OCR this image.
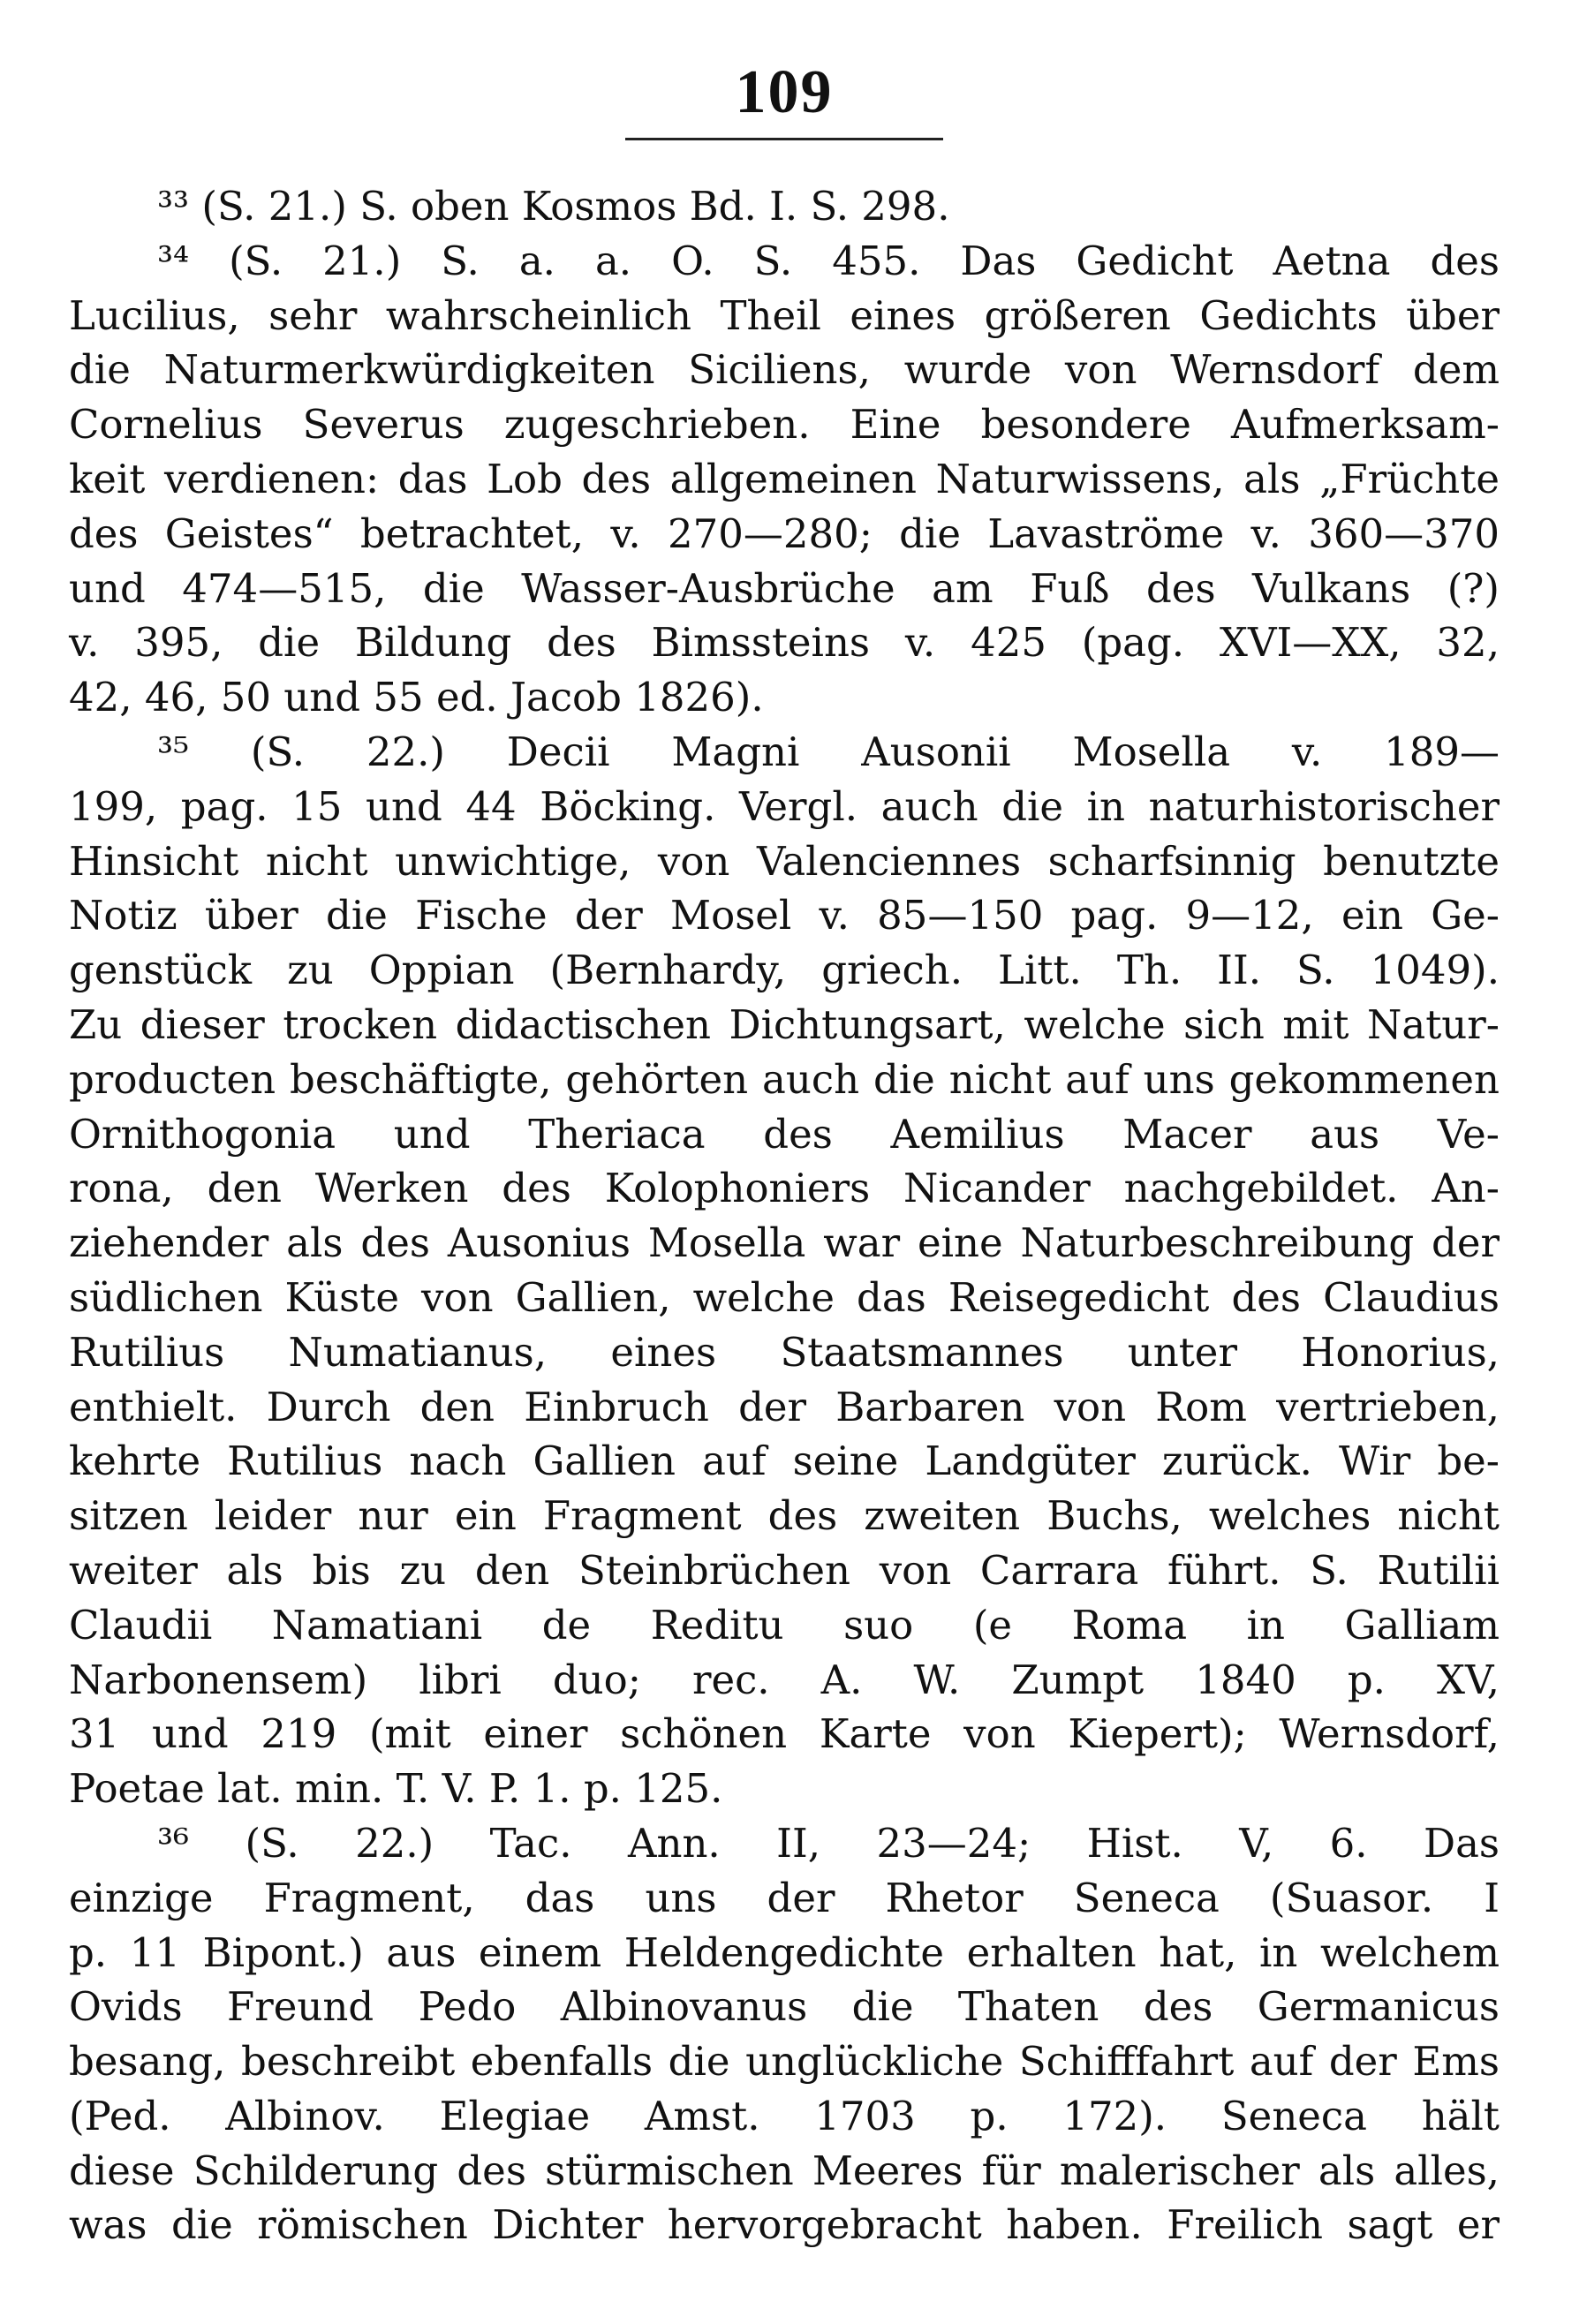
109
³³ (S. 21.) S. oben Kosmos Bd. I. S. 298.
³⁴ (S. 21.) S. a. a. O. S. 455. Das Gedicht Aetna des
Lucilius, sehr wahrscheinlich Theil eines größeren Gedichts über
die Naturmerkwürdigkeiten Siciliens, wurde von Wernsdorf dem
Cornelius Severus zugeschrieben. Eine besondere Aufmerksam-
keit verdienen: das Lob des allgemeinen Naturwissens, als „Früchte
des Geistes“ betrachtet, v. 270—280; die Lavaströme v. 360—370
und 474—515, die Wasser-Ausbrüche am Fuß des Vulkans (?)
v. 395, die Bildung des Bimssteins v. 425 (pag. XVI—XX, 32,
42, 46, 50 und 55 ed. Jacob 1826).
³⁵ (S. 22.) Decii Magni Ausonii Mosella v. 189—
199, pag. 15 und 44 Böcking. Vergl. auch die in naturhistorischer
Hinsicht nicht unwichtige, von Valenciennes scharfsinnig benutzte
Notiz über die Fische der Mosel v. 85—150 pag. 9—12, ein Ge-
genstück zu Oppian (Bernhardy, griech. Litt. Th. II. S. 1049).
Zu dieser trocken didactischen Dichtungsart, welche sich mit Natur-
producten beschäftigte, gehörten auch die nicht auf uns gekommenen
Ornithogonia und Theriaca des Aemilius Macer aus Ve-
rona, den Werken des Kolophoniers Nicander nachgebildet. An-
ziehender als des Ausonius Mosella war eine Naturbeschreibung der
südlichen Küste von Gallien, welche das Reisegedicht des Claudius
Rutilius Numatianus, eines Staatsmannes unter Honorius,
enthielt. Durch den Einbruch der Barbaren von Rom vertrieben,
kehrte Rutilius nach Gallien auf seine Landgüter zurück. Wir be-
sitzen leider nur ein Fragment des zweiten Buchs, welches nicht
weiter als bis zu den Steinbrüchen von Carrara führt. S. Rutilii
Claudii Namatiani de Reditu suo (e Roma in Galliam
Narbonensem) libri duo; rec. A. W. Zumpt 1840 p. XV,
31 und 219 (mit einer schönen Karte von Kiepert); Wernsdorf,
Poetae lat. min. T. V. P. 1. p. 125.
³⁶ (S. 22.) Tac. Ann. II, 23—24; Hist. V, 6. Das
einzige Fragment, das uns der Rhetor Seneca (Suasor. I
p. 11 Bipont.) aus einem Heldengedichte erhalten hat, in welchem
Ovids Freund Pedo Albinovanus die Thaten des Germanicus
besang, beschreibt ebenfalls die unglückliche Schifffahrt auf der Ems
(Ped. Albinov. Elegiae Amst. 1703 p. 172). Seneca hält
diese Schilderung des stürmischen Meeres für malerischer als alles,
was die römischen Dichter hervorgebracht haben. Freilich sagt er
